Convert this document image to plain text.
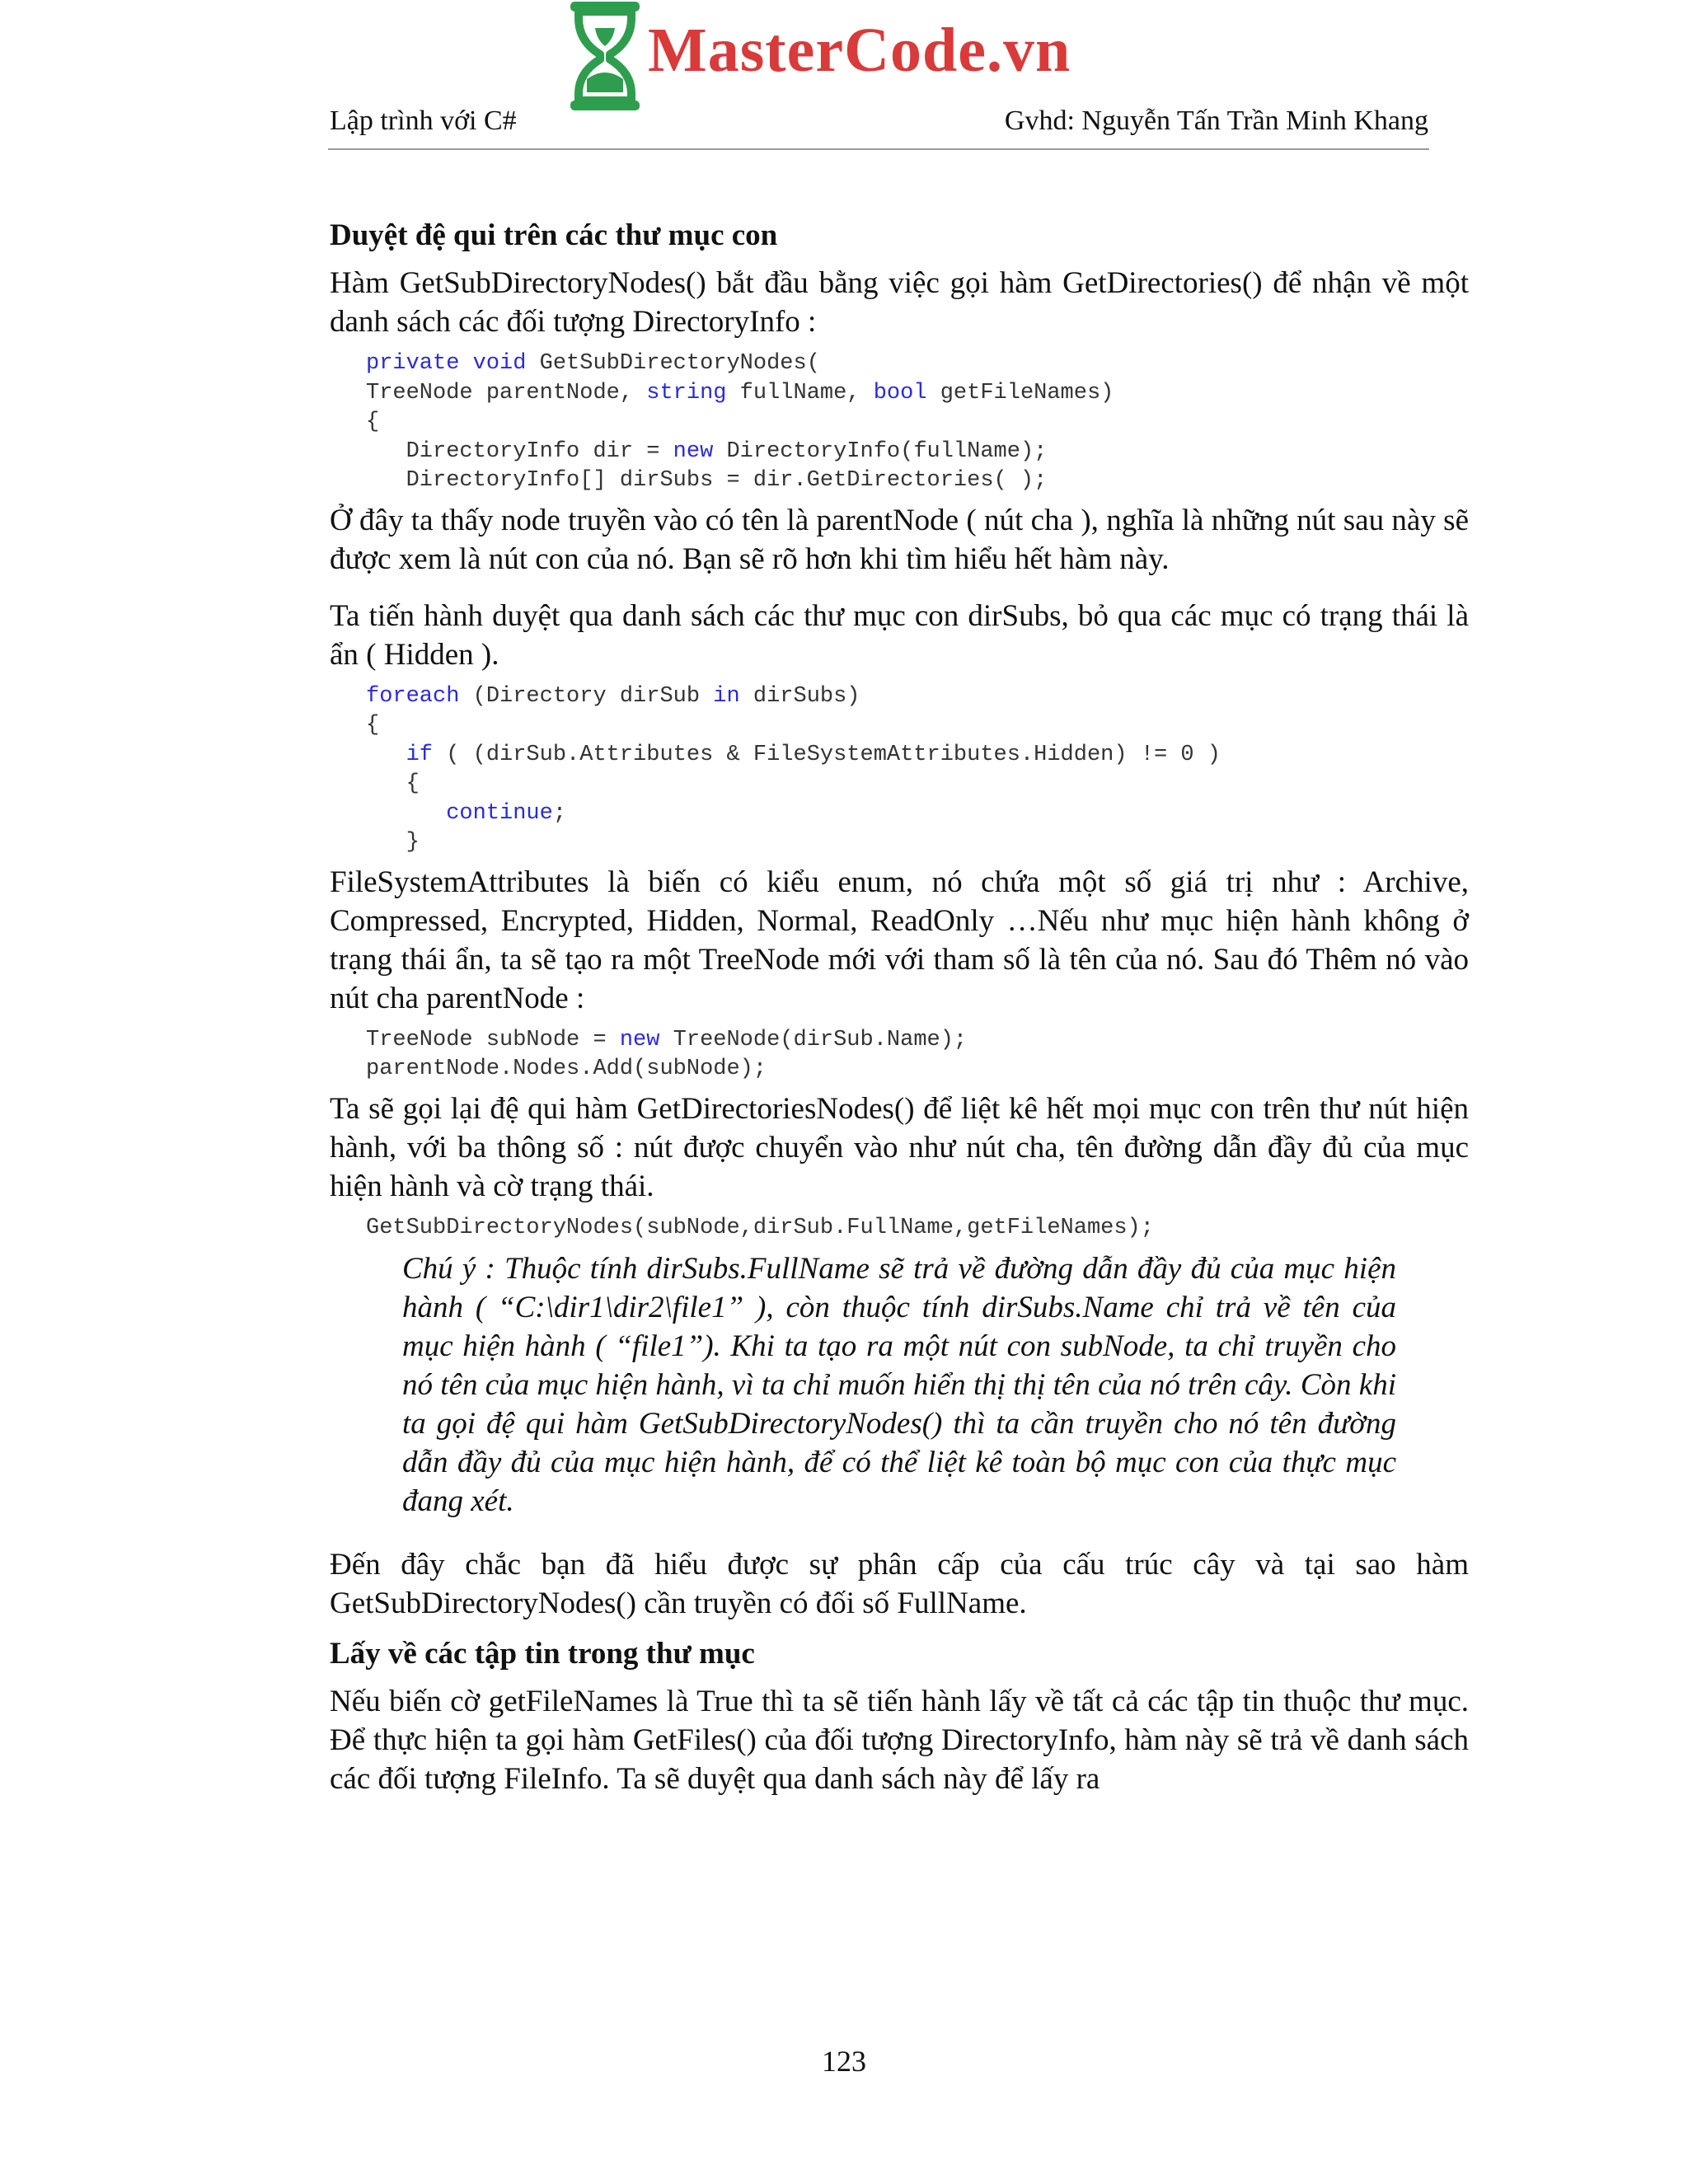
MasterCode.vn
Lập trình với C#	Gvhd: Nguyễn Tấn Trần Minh Khang
Duyệt đệ qui trên các thư mục con

Hàm GetSubDirectoryNodes() bắt đầu bằng việc gọi hàm GetDirectories() để nhận về một danh sách các đối tượng DirectoryInfo :

private void GetSubDirectoryNodes(
TreeNode parentNode, string fullName, bool getFileNames)
{
DirectoryInfo dir = new DirectoryInfo(fullName);
DirectoryInfo[] dirSubs = dir.GetDirectories( );

Ở đây ta thấy node truyền vào có tên là parentNode ( nút cha ), nghĩa là những nút sau này sẽ được xem là nút con của nó. Bạn sẽ rõ hơn khi tìm hiểu hết hàm này.

Ta tiến hành duyệt qua danh sách các thư mục con dirSubs, bỏ qua các mục có trạng thái là ẩn ( Hidden ).

foreach (Directory dirSub in dirSubs)
{
if ( (dirSub.Attributes & FileSystemAttributes.Hidden) != 0 )
{
continue;
}

FileSystemAttributes là biến có kiểu enum, nó chứa một số giá trị như : Archive, Compressed, Encrypted, Hidden, Normal, ReadOnly …Nếu như mục hiện hành không ở trạng thái ẩn, ta sẽ tạo ra một TreeNode mới với tham số là tên của nó. Sau đó Thêm nó vào nút cha parentNode :

TreeNode subNode = new TreeNode(dirSub.Name);
parentNode.Nodes.Add(subNode);

Ta sẽ gọi lại đệ qui hàm GetDirectoriesNodes() để liệt kê hết mọi mục con trên thư nút hiện hành, với ba thông số : nút được chuyển vào như nút cha, tên đường dẫn đầy đủ của mục hiện hành và cờ trạng thái.

GetSubDirectoryNodes(subNode,dirSub.FullName,getFileNames);
Chú ý : Thuộc tính dirSubs.FullName sẽ trả về đường dẫn đầy đủ của mục hiện hành ( “C:\dir1\dir2\file1” ), còn thuộc tính dirSubs.Name chỉ trả về tên của mục hiện hành ( “file1”). Khi ta tạo ra một nút con subNode, ta chỉ truyền cho nó tên của mục hiện hành, vì ta chỉ muốn hiển thị thị tên của nó trên cây. Còn khi ta gọi đệ qui hàm GetSubDirectoryNodes() thì ta cần truyền cho nó tên đường dẫn đầy đủ của mục hiện hành, để có thể liệt kê toàn bộ mục con của thực mục đang xét.

Đến đây chắc bạn đã hiểu được sự phân cấp của cấu trúc cây và tại sao hàm GetSubDirectoryNodes() cần truyền có đối số FullName.

Lấy về các tập tin trong thư mục

Nếu biến cờ getFileNames là True thì ta sẽ tiến hành lấy về tất cả các tập tin thuộc thư mục. Để thực hiện ta gọi hàm GetFiles() của đối tượng DirectoryInfo, hàm này sẽ trả về danh sách các đối tượng FileInfo. Ta sẽ duyệt qua danh sách này để lấy ra

123
